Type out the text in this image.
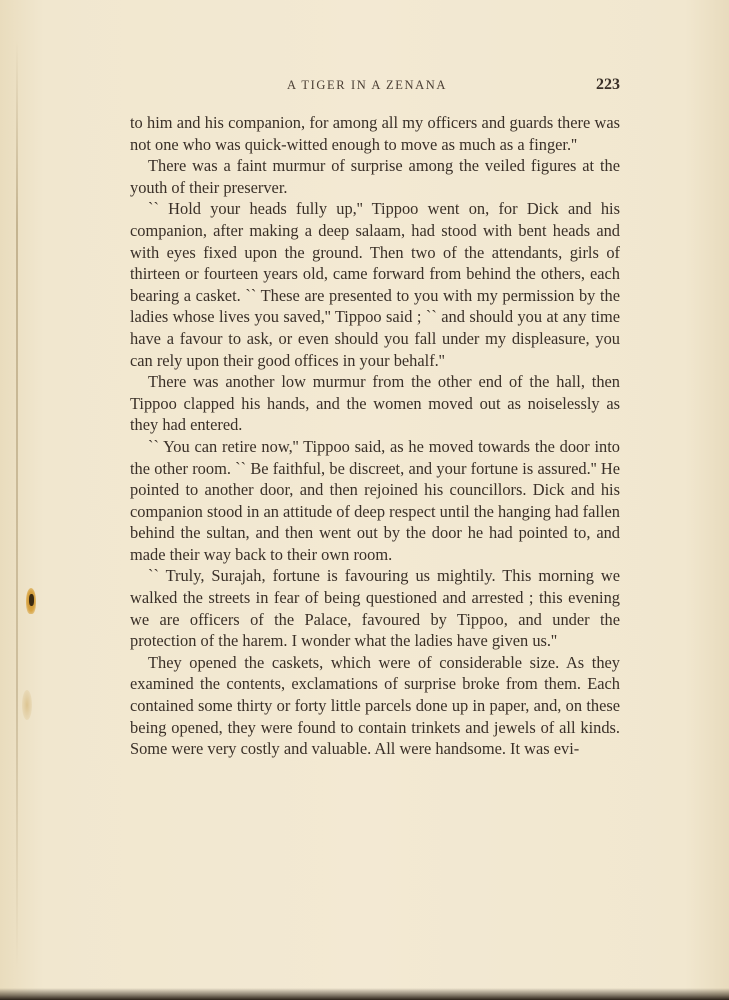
A TIGER IN A ZENANA	223

to him and his companion, for among all my officers and guards there was not one who was quick-witted enough to move as much as a finger.''

There was a faint murmur of surprise among the veiled figures at the youth of their preserver.

`` Hold your heads fully up,'' Tippoo went on, for Dick and his companion, after making a deep salaam, had stood with bent heads and with eyes fixed upon the ground. Then two of the attendants, girls of thirteen or fourteen years old, came forward from behind the others, each bearing a casket. `` These are presented to you with my permission by the ladies whose lives you saved,'' Tippoo said ; `` and should you at any time have a favour to ask, or even should you fall under my displeasure, you can rely upon their good offices in your behalf.''

There was another low murmur from the other end of the hall, then Tippoo clapped his hands, and the women moved out as noiselessly as they had entered.

`` You can retire now,'' Tippoo said, as he moved towards the door into the other room. `` Be faithful, be discreet, and your fortune is assured.'' He pointed to another door, and then rejoined his councillors. Dick and his companion stood in an attitude of deep respect until the hanging had fallen behind the sultan, and then went out by the door he had pointed to, and made their way back to their own room.

`` Truly, Surajah, fortune is favouring us mightily. This morning we walked the streets in fear of being questioned and arrested ; this evening we are officers of the Palace, favoured by Tippoo, and under the protection of the harem. I wonder what the ladies have given us.''

They opened the caskets, which were of considerable size. As they examined the contents, exclamations of surprise broke from them. Each contained some thirty or forty little parcels done up in paper, and, on these being opened, they were found to contain trinkets and jewels of all kinds. Some were very costly and valuable. All were handsome. It was evi-
